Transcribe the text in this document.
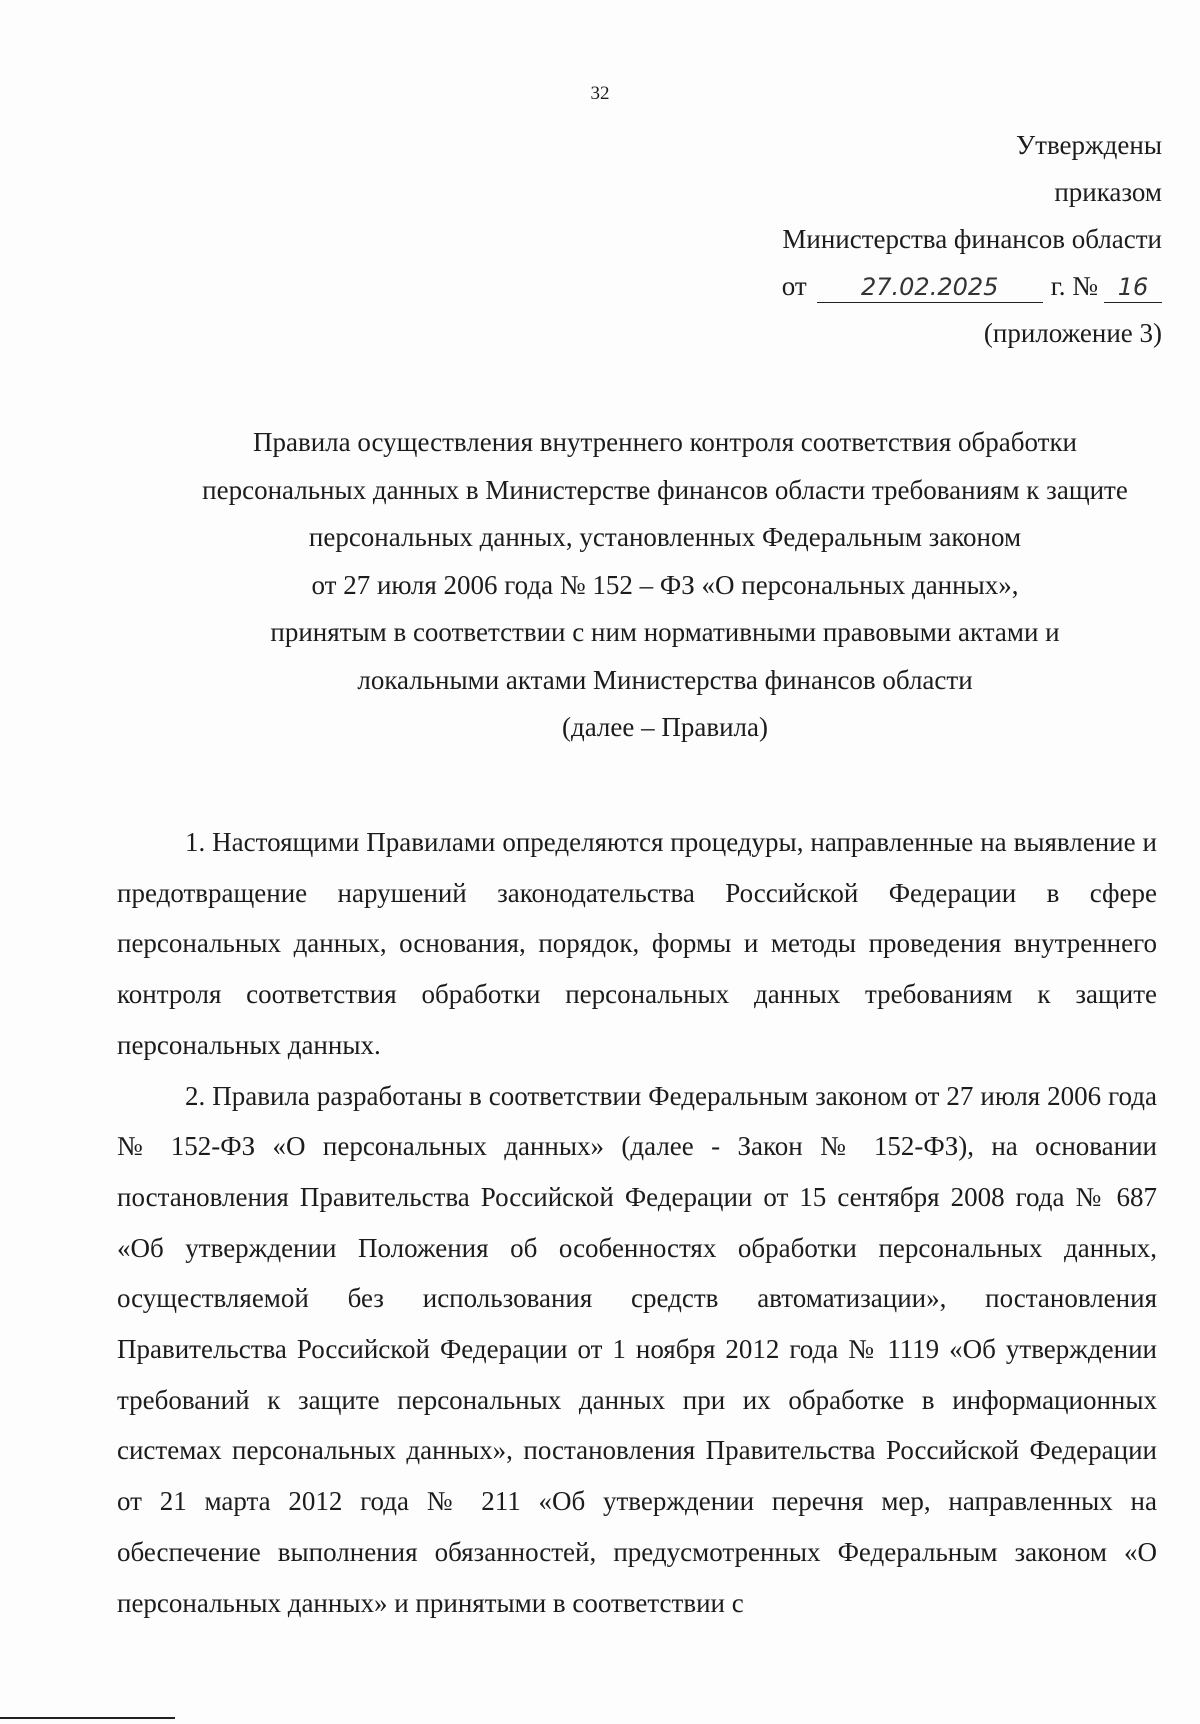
32
Утверждены
приказом
Министерства финансов области
от 27.02.2025 г. № 16
(приложение 3)
Правила осуществления внутреннего контроля соответствия обработки
персональных данных в Министерстве финансов области требованиям к защите
персональных данных, установленных Федеральным законом
от 27 июля 2006 года № 152 – ФЗ «О персональных данных»,
принятым в соответствии с ним нормативными правовыми актами и
локальными актами Министерства финансов области
(далее – Правила)

1. Настоящими Правилами определяются процедуры, направленные на выявление и предотвращение нарушений законодательства Российской Федерации в сфере персональных данных, основания, порядок, формы и методы проведения внутреннего контроля соответствия обработки персональных данных требованиям к защите персональных данных.

2. Правила разработаны в соответствии Федеральным законом от 27 июля 2006 года № 152-ФЗ «О персональных данных» (далее - Закон № 152-ФЗ), на основании постановления Правительства Российской Федерации от 15 сентября 2008 года № 687 «Об утверждении Положения об особенностях обработки персональных данных, осуществляемой без использования средств автоматизации», постановления Правительства Российской Федерации от 1 ноября 2012 года № 1119 «Об утверждении требований к защите персональных данных при их обработке в информационных системах персональных данных», постановления Правительства Российской Федерации от 21 марта 2012 года № 211 «Об утверждении перечня мер, направленных на обеспечение выполнения обязанностей, предусмотренных Федеральным законом «О персональных данных» и принятыми в соответствии с
